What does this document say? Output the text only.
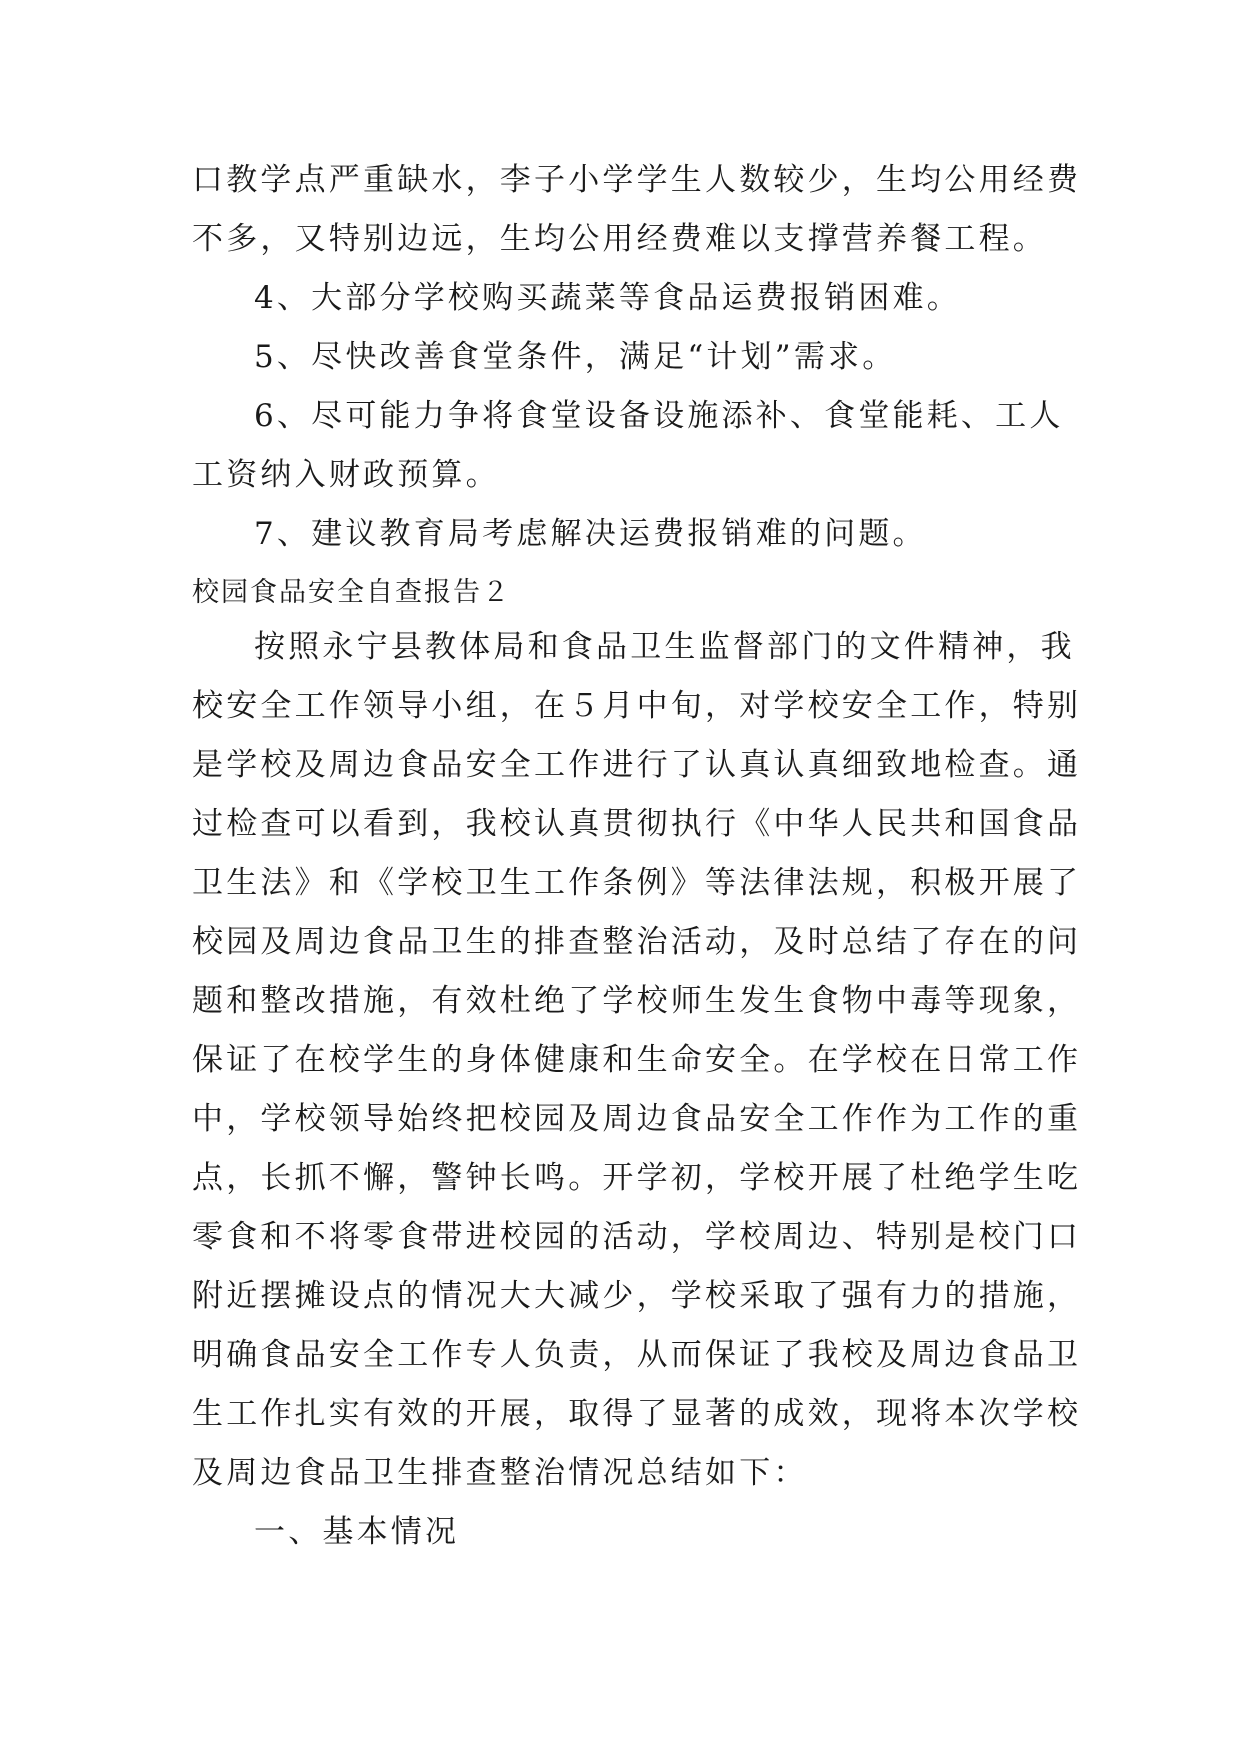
口教学点严重缺水，李子小学学生人数较少，生均公用经费
不多，又特别边远，生均公用经费难以支撑营养餐工程。
4、大部分学校购买蔬菜等食品运费报销困难。
5、尽快改善食堂条件，满足“计划”需求。
6、尽可能力争将食堂设备设施添补、食堂能耗、工人
工资纳入财政预算。
7、建议教育局考虑解决运费报销难的问题。
校园食品安全自查报告２
按照永宁县教体局和食品卫生监督部门的文件精神，我
校安全工作领导小组，在５月中旬，对学校安全工作，特别
是学校及周边食品安全工作进行了认真认真细致地检查。通
过检查可以看到，我校认真贯彻执行《中华人民共和国食品
卫生法》和《学校卫生工作条例》等法律法规，积极开展了
校园及周边食品卫生的排查整治活动，及时总结了存在的问
题和整改措施，有效杜绝了学校师生发生食物中毒等现象，
保证了在校学生的身体健康和生命安全。在学校在日常工作
中，学校领导始终把校园及周边食品安全工作作为工作的重
点，长抓不懈，警钟长鸣。开学初，学校开展了杜绝学生吃
零食和不将零食带进校园的活动，学校周边、特别是校门口
附近摆摊设点的情况大大减少，学校采取了强有力的措施，
明确食品安全工作专人负责，从而保证了我校及周边食品卫
生工作扎实有效的开展，取得了显著的成效，现将本次学校
及周边食品卫生排查整治情况总结如下：
一、基本情况
